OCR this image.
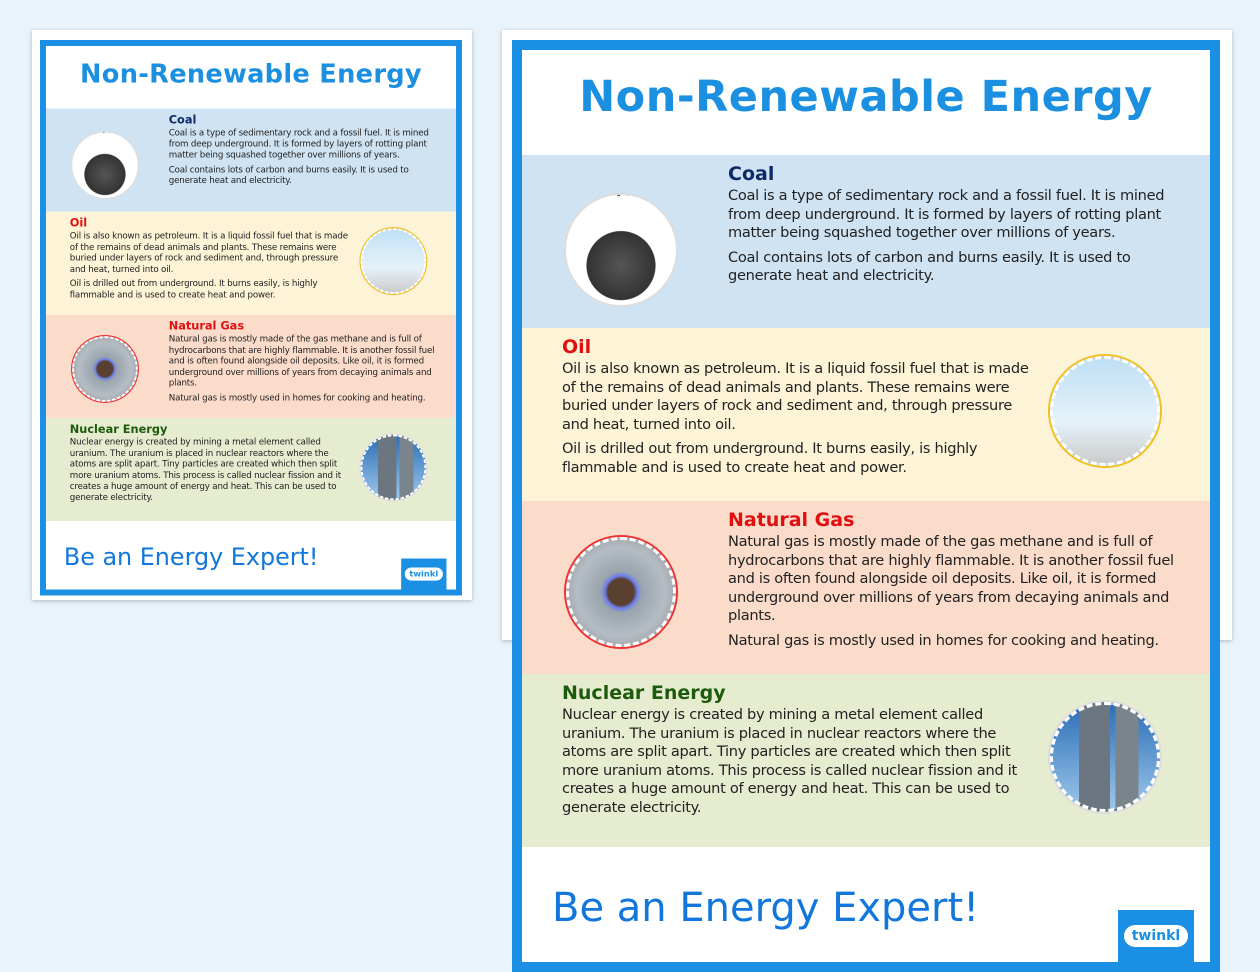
Non-Renewable Energy
Coal

Coal is a type of sedimentary rock and a fossil fuel. It is mined from deep underground. It is formed by layers of rotting plant matter being squashed together over millions of years.

Coal contains lots of carbon and burns easily. It is used to generate heat and electricity.

Oil

Oil is also known as petroleum. It is a liquid fossil fuel that is made of the remains of dead animals and plants. These remains were buried under layers of rock and sediment and, through pressure and heat, turned into oil.

Oil is drilled out from underground. It burns easily, is highly flammable and is used to create heat and power.

Natural Gas

Natural gas is mostly made of the gas methane and is full of hydrocarbons that are highly flammable. It is another fossil fuel and is often found alongside oil deposits. Like oil, it is formed underground over millions of years from decaying animals and plants.

Natural gas is mostly used in homes for cooking and heating.

Nuclear Energy

Nuclear energy is created by mining a metal element called uranium. The uranium is placed in nuclear reactors where the atoms are split apart. Tiny particles are created which then split more uranium atoms. This process is called nuclear fission and it creates a huge amount of energy and heat. This can be used to generate electricity.

Be an Energy Expert!
twinkl
Non-Renewable Energy
Coal

Coal is a type of sedimentary rock and a fossil fuel. It is mined from deep underground. It is formed by layers of rotting plant matter being squashed together over millions of years.

Coal contains lots of carbon and burns easily. It is used to generate heat and electricity.

Oil

Oil is also known as petroleum. It is a liquid fossil fuel that is made of the remains of dead animals and plants. These remains were buried under layers of rock and sediment and, through pressure and heat, turned into oil.

Oil is drilled out from underground. It burns easily, is highly flammable and is used to create heat and power.

Natural Gas

Natural gas is mostly made of the gas methane and is full of hydrocarbons that are highly flammable. It is another fossil fuel and is often found alongside oil deposits. Like oil, it is formed underground over millions of years from decaying animals and plants.

Natural gas is mostly used in homes for cooking and heating.

Nuclear Energy

Nuclear energy is created by mining a metal element called uranium. The uranium is placed in nuclear reactors where the atoms are split apart. Tiny particles are created which then split more uranium atoms. This process is called nuclear fission and it creates a huge amount of energy and heat. This can be used to generate electricity.

Be an Energy Expert!
twinkl
